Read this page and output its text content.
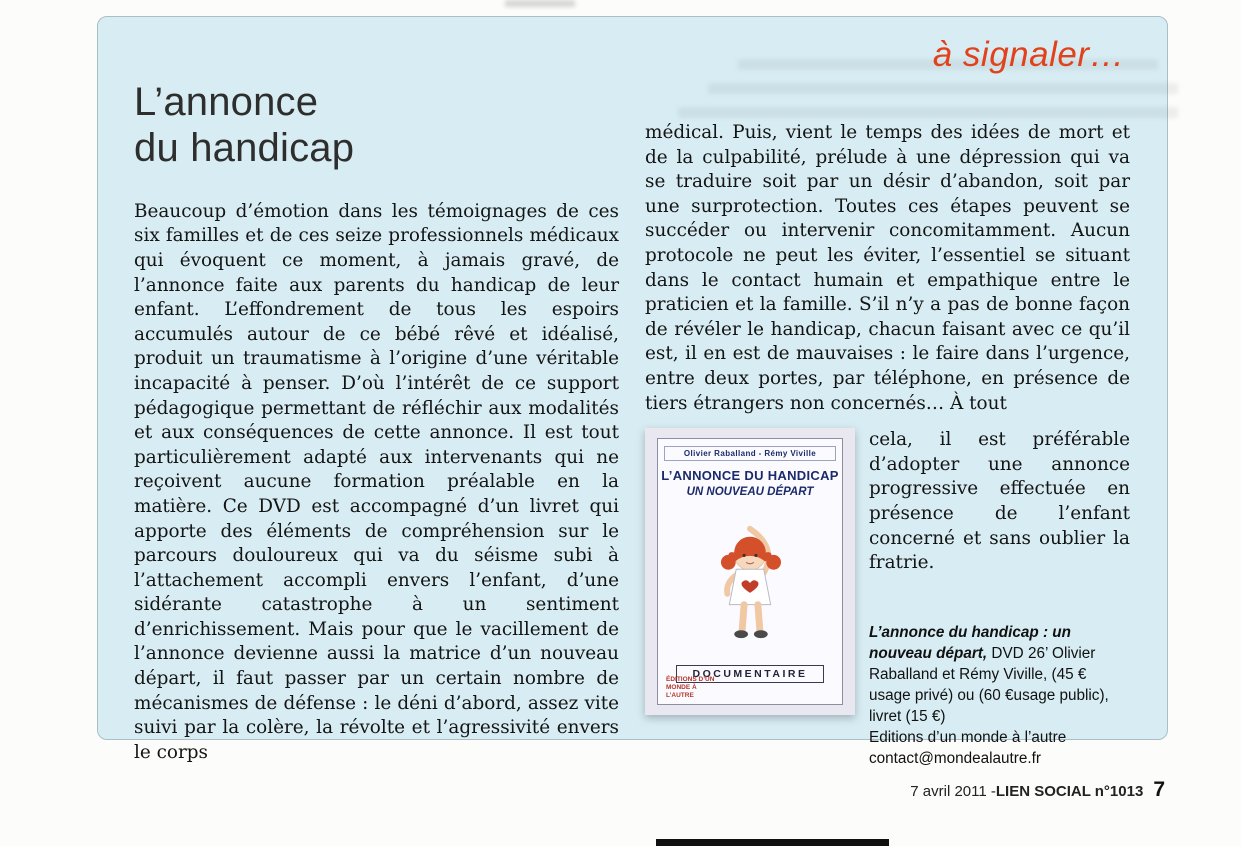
à signaler…
L’annonce
du handicap

Beaucoup d’émotion dans les témoignages de ces six familles et de ces seize professionnels médicaux qui évoquent ce moment, à jamais gravé, de l’annonce faite aux parents du handicap de leur enfant. L’effondrement de tous les espoirs accumulés autour de ce bébé rêvé et idéalisé, produit un traumatisme à l’origine d’une véritable incapacité à penser. D’où l’intérêt de ce support pédagogique permettant de réfléchir aux modalités et aux conséquences de cette annonce. Il est tout particulièrement adapté aux intervenants qui ne reçoivent aucune formation préalable en la matière. Ce DVD est accompagné d’un livret qui apporte des éléments de compréhension sur le parcours douloureux qui va du séisme subi à l’attachement accompli envers l’enfant, d’une sidérante catastrophe à un sentiment d’enrichissement. Mais pour que le vacillement de l’annonce devienne aussi la matrice d’un nouveau départ, il faut passer par un certain nombre de mécanismes de défense : le déni d’abord, assez vite suivi par la colère, la révolte et l’agressivité envers le corps

médical. Puis, vient le temps des idées de mort et de la culpabilité, prélude à une dépression qui va se traduire soit par un désir d’abandon, soit par une surprotection. Toutes ces étapes peuvent se succéder ou intervenir concomitamment. Aucun protocole ne peut les éviter, l’essentiel se situant dans le contact humain et empathique entre le praticien et la famille. S’il n’y a pas de bonne façon de révéler le handicap, chacun faisant avec ce qu’il est, il en est de mauvaises : le faire dans l’urgence, entre deux portes, par téléphone, en présence de tiers étrangers non concernés… À tout

Olivier Raballand - Rémy Viville
L’ANNONCE DU HANDICAP
UN NOUVEAU DÉPART
DOCUMENTAIRE
ÉDITIONS D’UN MONDE À L’AUTRE

cela, il est préférable d’adopter une annonce progressive effectuée en présence de l’enfant concerné et sans oublier la fratrie.

L’annonce du handicap : un nouveau départ, DVD 26’ Olivier Raballand et Rémy Viville, (45 € usage privé) ou (60 €usage public), livret (15 €)
Editions d’un monde à l’autre
contact@mondealautre.fr
7 avril 2011 - LIEN SOCIAL n°1013 7
